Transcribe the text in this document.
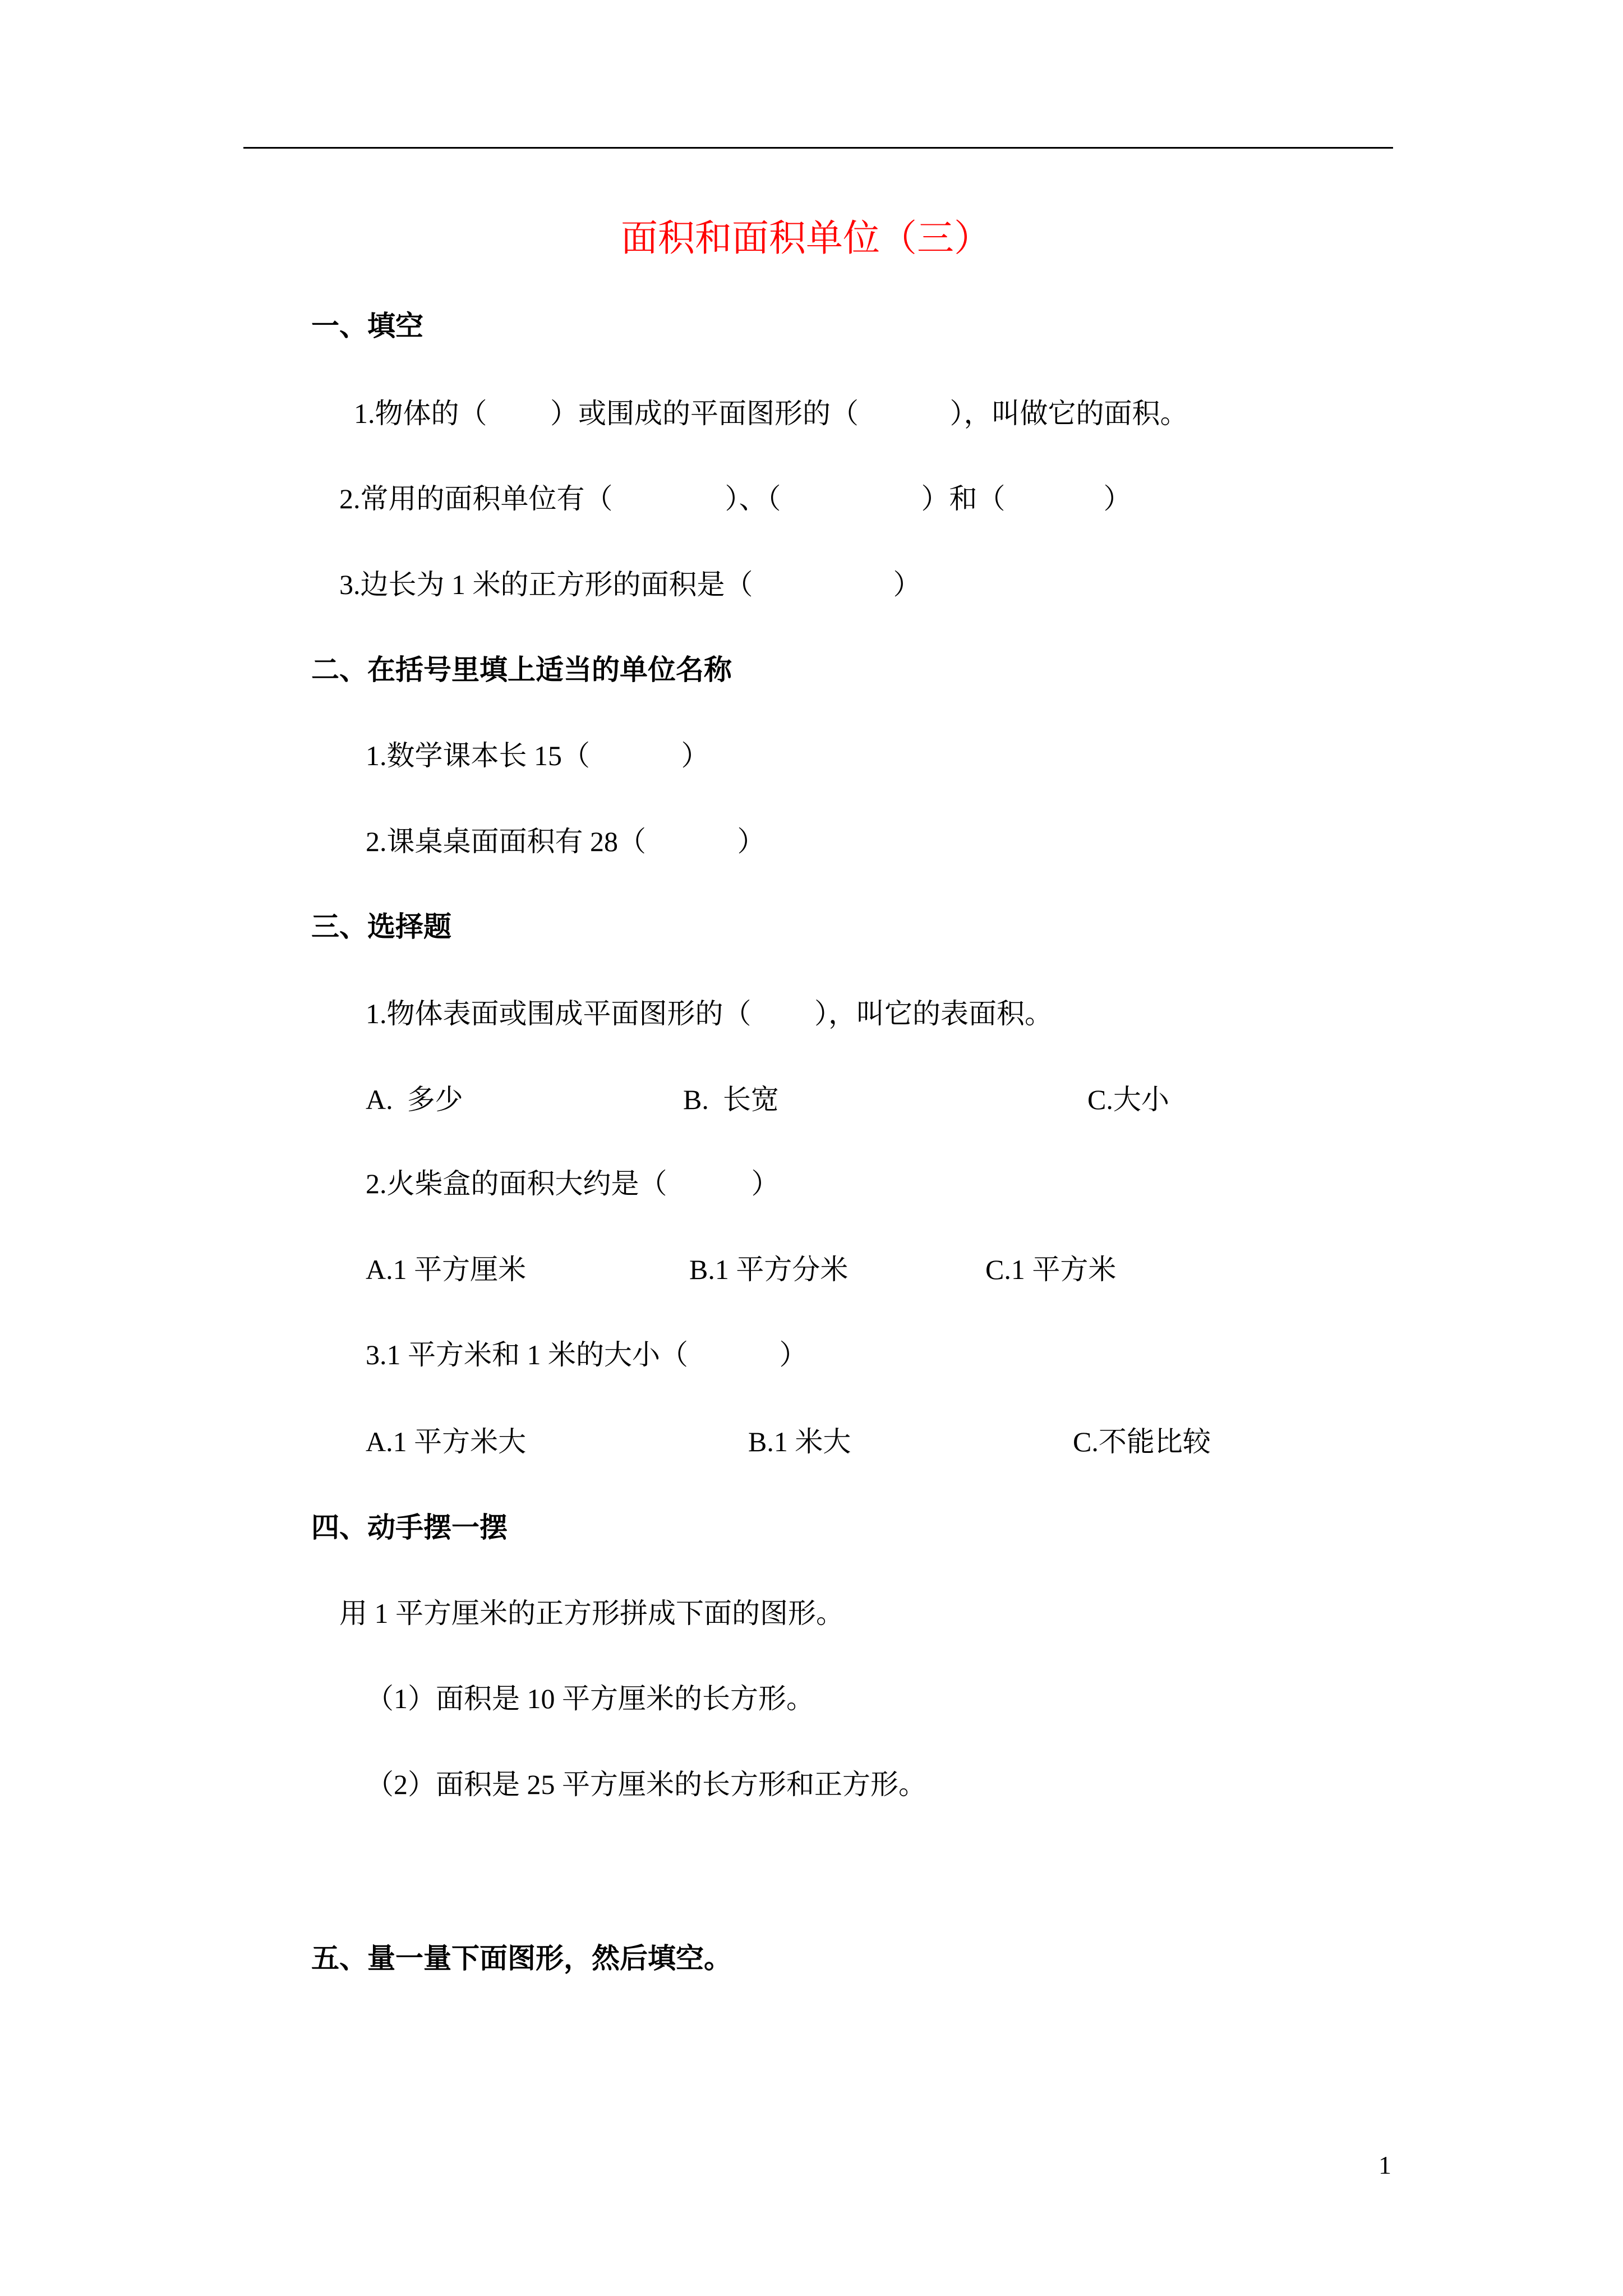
面积和面积单位（三）
一、填空
1.物体的（　　 ）或围成的平面图形的（　　　 ），叫做它的面积。
2.常用的面积单位有（　　　　）、（　　　　　）和（　　　  ）
3.边长为 1 米的正方形的面积是（　　　　　）
二、在括号里填上适当的单位名称
1.数学课本长 15（　　　 ）
2.课桌桌面面积有 28（　　　 ）
三、选择题
1.物体表面或围成平面图形的（　　 ），叫它的表面积。
A.  多少	B.  长宽	C.大小
2.火柴盒的面积大约是（　　　）
A.1 平方厘米	B.1 平方分米	C.1 平方米
3.1 平方米和 1 米的大小（　　　 ）
A.1 平方米大	B.1 米大	C.不能比较
四、动手摆一摆
用 1 平方厘米的正方形拼成下面的图形。
（1）面积是 10 平方厘米的长方形。
（2）面积是 25 平方厘米的长方形和正方形。
五、量一量下面图形，然后填空。
1
